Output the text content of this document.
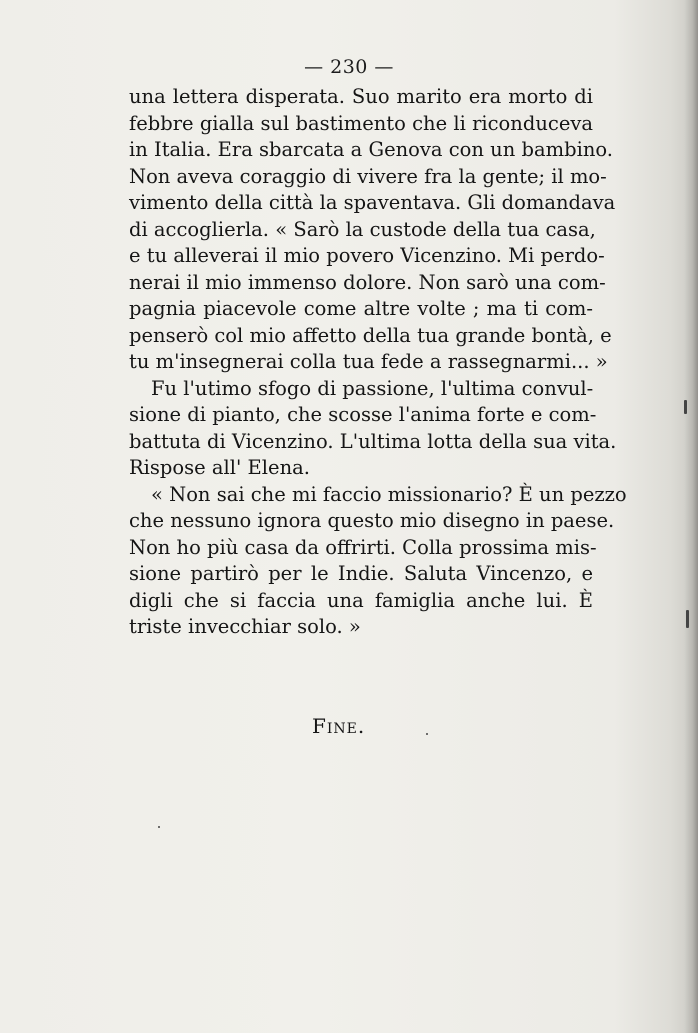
— 230 —
una lettera disperata. Suo marito era morto di
febbre gialla sul bastimento che li riconduceva
in Italia. Era sbarcata a Genova con un bambino.
Non aveva coraggio di vivere fra la gente; il mo-
vimento della città la spaventava. Gli domandava
di accoglierla. « Sarò la custode della tua casa,
e tu alleverai il mio povero Vicenzino. Mi perdo-
nerai il mio immenso dolore. Non sarò una com-
pagnia piacevole come altre volte ; ma ti com-
penserò col mio affetto della tua grande bontà, e
tu m'insegnerai colla tua fede a rassegnarmi... »
Fu l'utimo sfogo di passione, l'ultima convul-
sione di pianto, che scosse l'anima forte e com-
battuta di Vicenzino. L'ultima lotta della sua vita.
Rispose all' Elena.
« Non sai che mi faccio missionario? È un pezzo
che nessuno ignora questo mio disegno in paese.
Non ho più casa da offrirti. Colla prossima mis-
sione partirò per le Indie. Saluta Vincenzo, e
digli che si faccia una famiglia anche lui. È
triste invecchiar solo. »
Fine.
